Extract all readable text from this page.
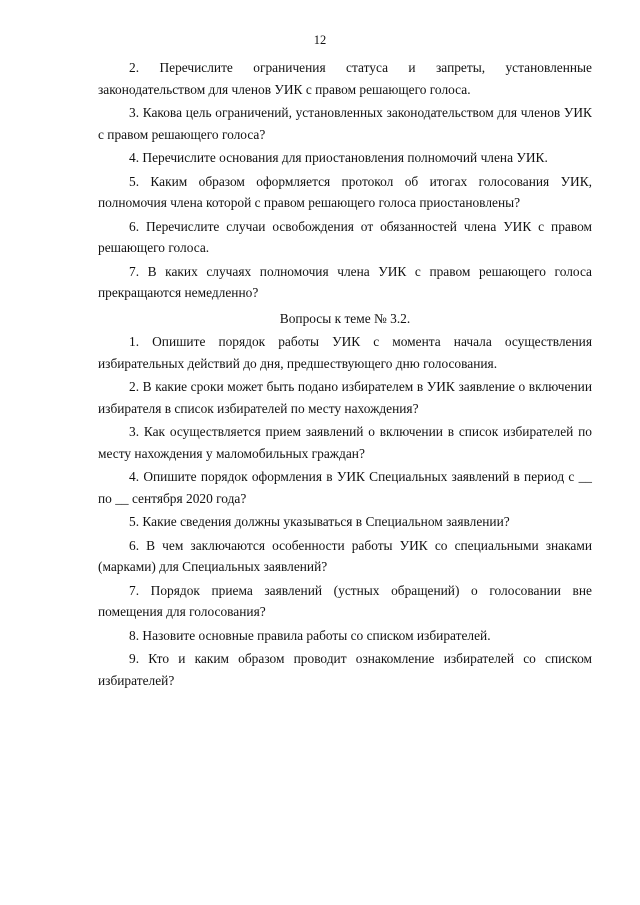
12

2. Перечислите ограничения статуса и запреты, установленные законодательством для членов УИК с правом решающего голоса.

3. Какова цель ограничений, установленных законодательством для членов УИК с правом решающего голоса?

4. Перечислите основания для приостановления полномочий члена УИК.

5. Каким образом оформляется протокол об итогах голосования УИК, полномочия члена которой с правом решающего голоса приостановлены?

6. Перечислите случаи освобождения от обязанностей члена УИК с правом решающего голоса.

7. В каких случаях полномочия члена УИК с правом решающего голоса прекращаются немедленно?

Вопросы к теме № 3.2.

1. Опишите порядок работы УИК с момента начала осуществления избирательных действий до дня, предшествующего дню голосования.

2. В какие сроки может быть подано избирателем в УИК заявление о включении избирателя в список избирателей по месту нахождения?

3. Как осуществляется прием заявлений о включении в список избирателей по месту нахождения у маломобильных граждан?

4. Опишите порядок оформления в УИК Специальных заявлений в период с __ по __ сентября 2020 года?

5. Какие сведения должны указываться в Специальном заявлении?

6. В чем заключаются особенности работы УИК со специальными знаками (марками) для Специальных заявлений?

7. Порядок приема заявлений (устных обращений) о голосовании вне помещения для голосования?

8. Назовите основные правила работы со списком избирателей.

9. Кто и каким образом проводит ознакомление избирателей со списком избирателей?
